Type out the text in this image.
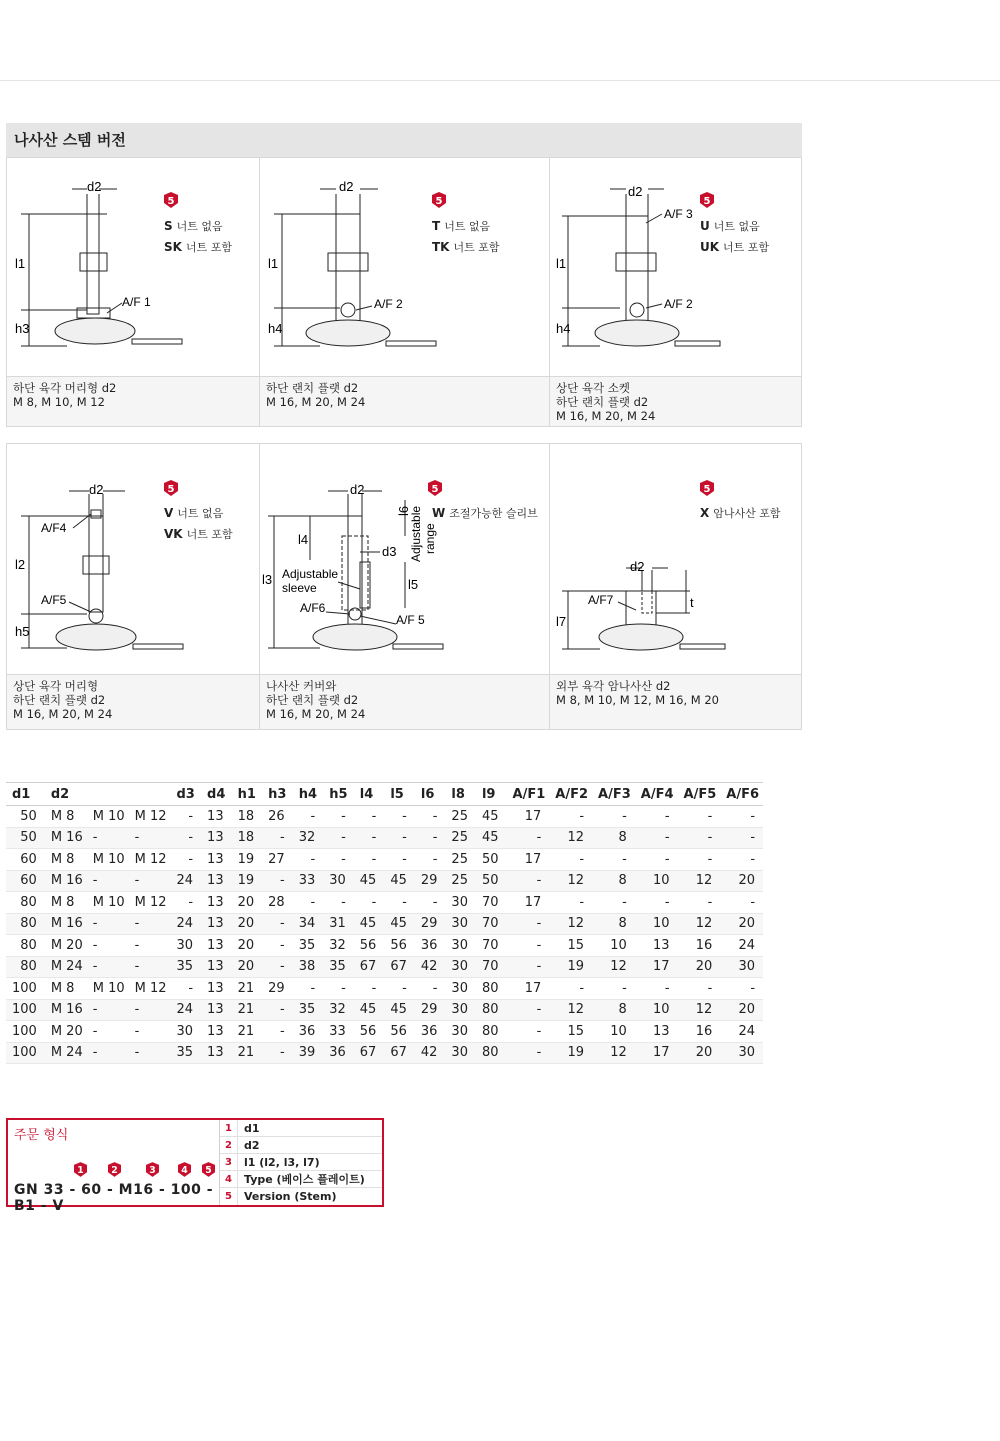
나사산 스템 버전
d2
l1
h3
A/F 1
5
S 너트 없음
SK 너트 포함
하단 육각 머리형 d2
M 8, M 10, M 12
d2
l1
h4
A/F 2
5
T 너트 없음
TK 너트 포함
하단 랜치 플랫 d2
M 16, M 20, M 24
d2
l1
h4
A/F 3
A/F 2
5
U 너트 없음
UK 너트 포함
상단 육각 소켓
하단 랜치 플랫 d2
M 16, M 20, M 24
d2
A/F4
l2
A/F5
h5
5
V 너트 없음
VK 너트 포함
상단 육각 머리형
하단 랜치 플랫 d2
M 16, M 20, M 24
d2
l6
Adjustable range
l4
d3
l3 Adjustable
sleeve	l5
A/F6
A/F 5
5
W 조절가능한 슬리브
나사산 커버와
하단 랜치 플랫 d2
M 16, M 20, M 24
d2
A/F7	t
l7
5
X 암나사산 포함
외부 육각 암나사산 d2
M 8, M 10, M 12, M 16, M 20
d1	d2			d3	d4	h1	h3	h4	h5	l4	l5	l6	l8	l9	A/F1	A/F2	A/F3	A/F4	A/F5	A/F6
50	M 8	M 10	M 12	-	13	18	26	-	-	-	-	-	25	45	17	-	-	-	-	-
50	M 16	-	-	-	13	18	-	32	-	-	-	-	25	45	-	12	8	-	-	-
60	M 8	M 10	M 12	-	13	19	27	-	-	-	-	-	25	50	17	-	-	-	-	-
60	M 16	-	-	24	13	19	-	33	30	45	45	29	25	50	-	12	8	10	12	20
80	M 8	M 10	M 12	-	13	20	28	-	-	-	-	-	30	70	17	-	-	-	-	-
80	M 16	-	-	24	13	20	-	34	31	45	45	29	30	70	-	12	8	10	12	20
80	M 20	-	-	30	13	20	-	35	32	56	56	36	30	70	-	15	10	13	16	24
80	M 24	-	-	35	13	20	-	38	35	67	67	42	30	70	-	19	12	17	20	30
100	M 8	M 10	M 12	-	13	21	29	-	-	-	-	-	30	80	17	-	-	-	-	-
100	M 16	-	-	24	13	21	-	35	32	45	45	29	30	80	-	12	8	10	12	20
100	M 20	-	-	30	13	21	-	36	33	56	56	36	30	80	-	15	10	13	16	24
100	M 24	-	-	35	13	21	-	39	36	67	67	42	30	80	-	19	12	17	20	30
주문 형식
1	2	3	4 5
GN 33 - 60 - M16 - 100 - B1 - V
1	d1
2	d2
3	l1 (l2, l3, l7)
4	Type (베이스 플레이트)
5	Version (Stem)
